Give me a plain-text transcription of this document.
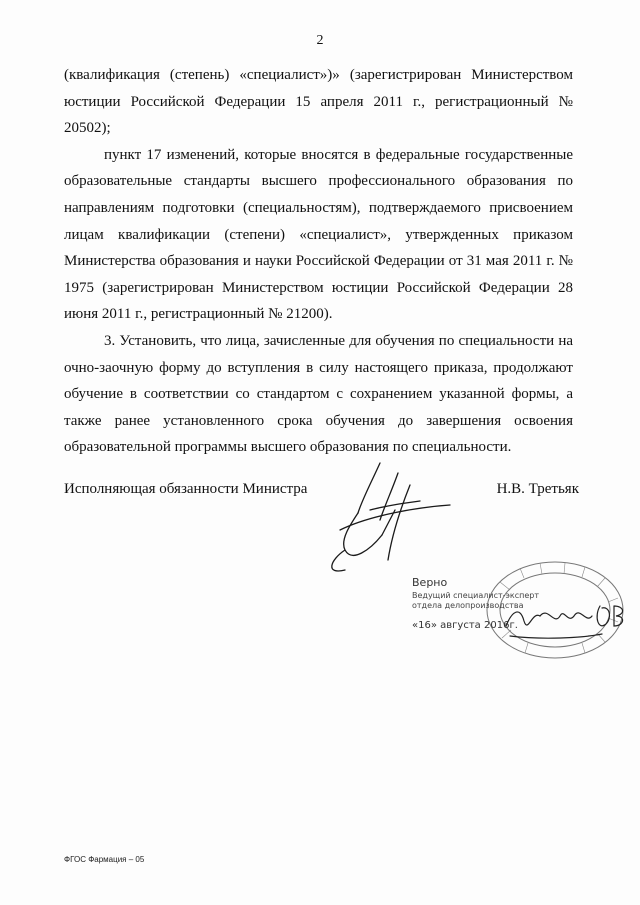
2

(квалификация (степень) «специалист»)» (зарегистрирован Министерством юстиции Российской Федерации 15 апреля 2011 г., регистрационный № 20502);

пункт 17 изменений, которые вносятся в федеральные государственные образовательные стандарты высшего профессионального образования по направлениям подготовки (специальностям), подтверждаемого присвоением лицам квалификации (степени) «специалист», утвержденных приказом Министерства образования и науки Российской Федерации от 31 мая 2011 г. № 1975 (зарегистрирован Министерством юстиции Российской Федерации 28 июня 2011 г., регистрационный № 21200).

3. Установить, что лица, зачисленные для обучения по специальности на очно-заочную форму до вступления в силу настоящего приказа, продолжают обучение в соответствии со стандартом с сохранением указанной формы, а также ранее установленного срока обучения до завершения освоения образовательной программы высшего образования по специальности.

Исполняющая обязанности Министра	Н.В. Третьяк
Верно
Ведущий специалист-эксперт
отдела делопроизводства
«16» августа 2016г.
ФГОС Фармация – 05
